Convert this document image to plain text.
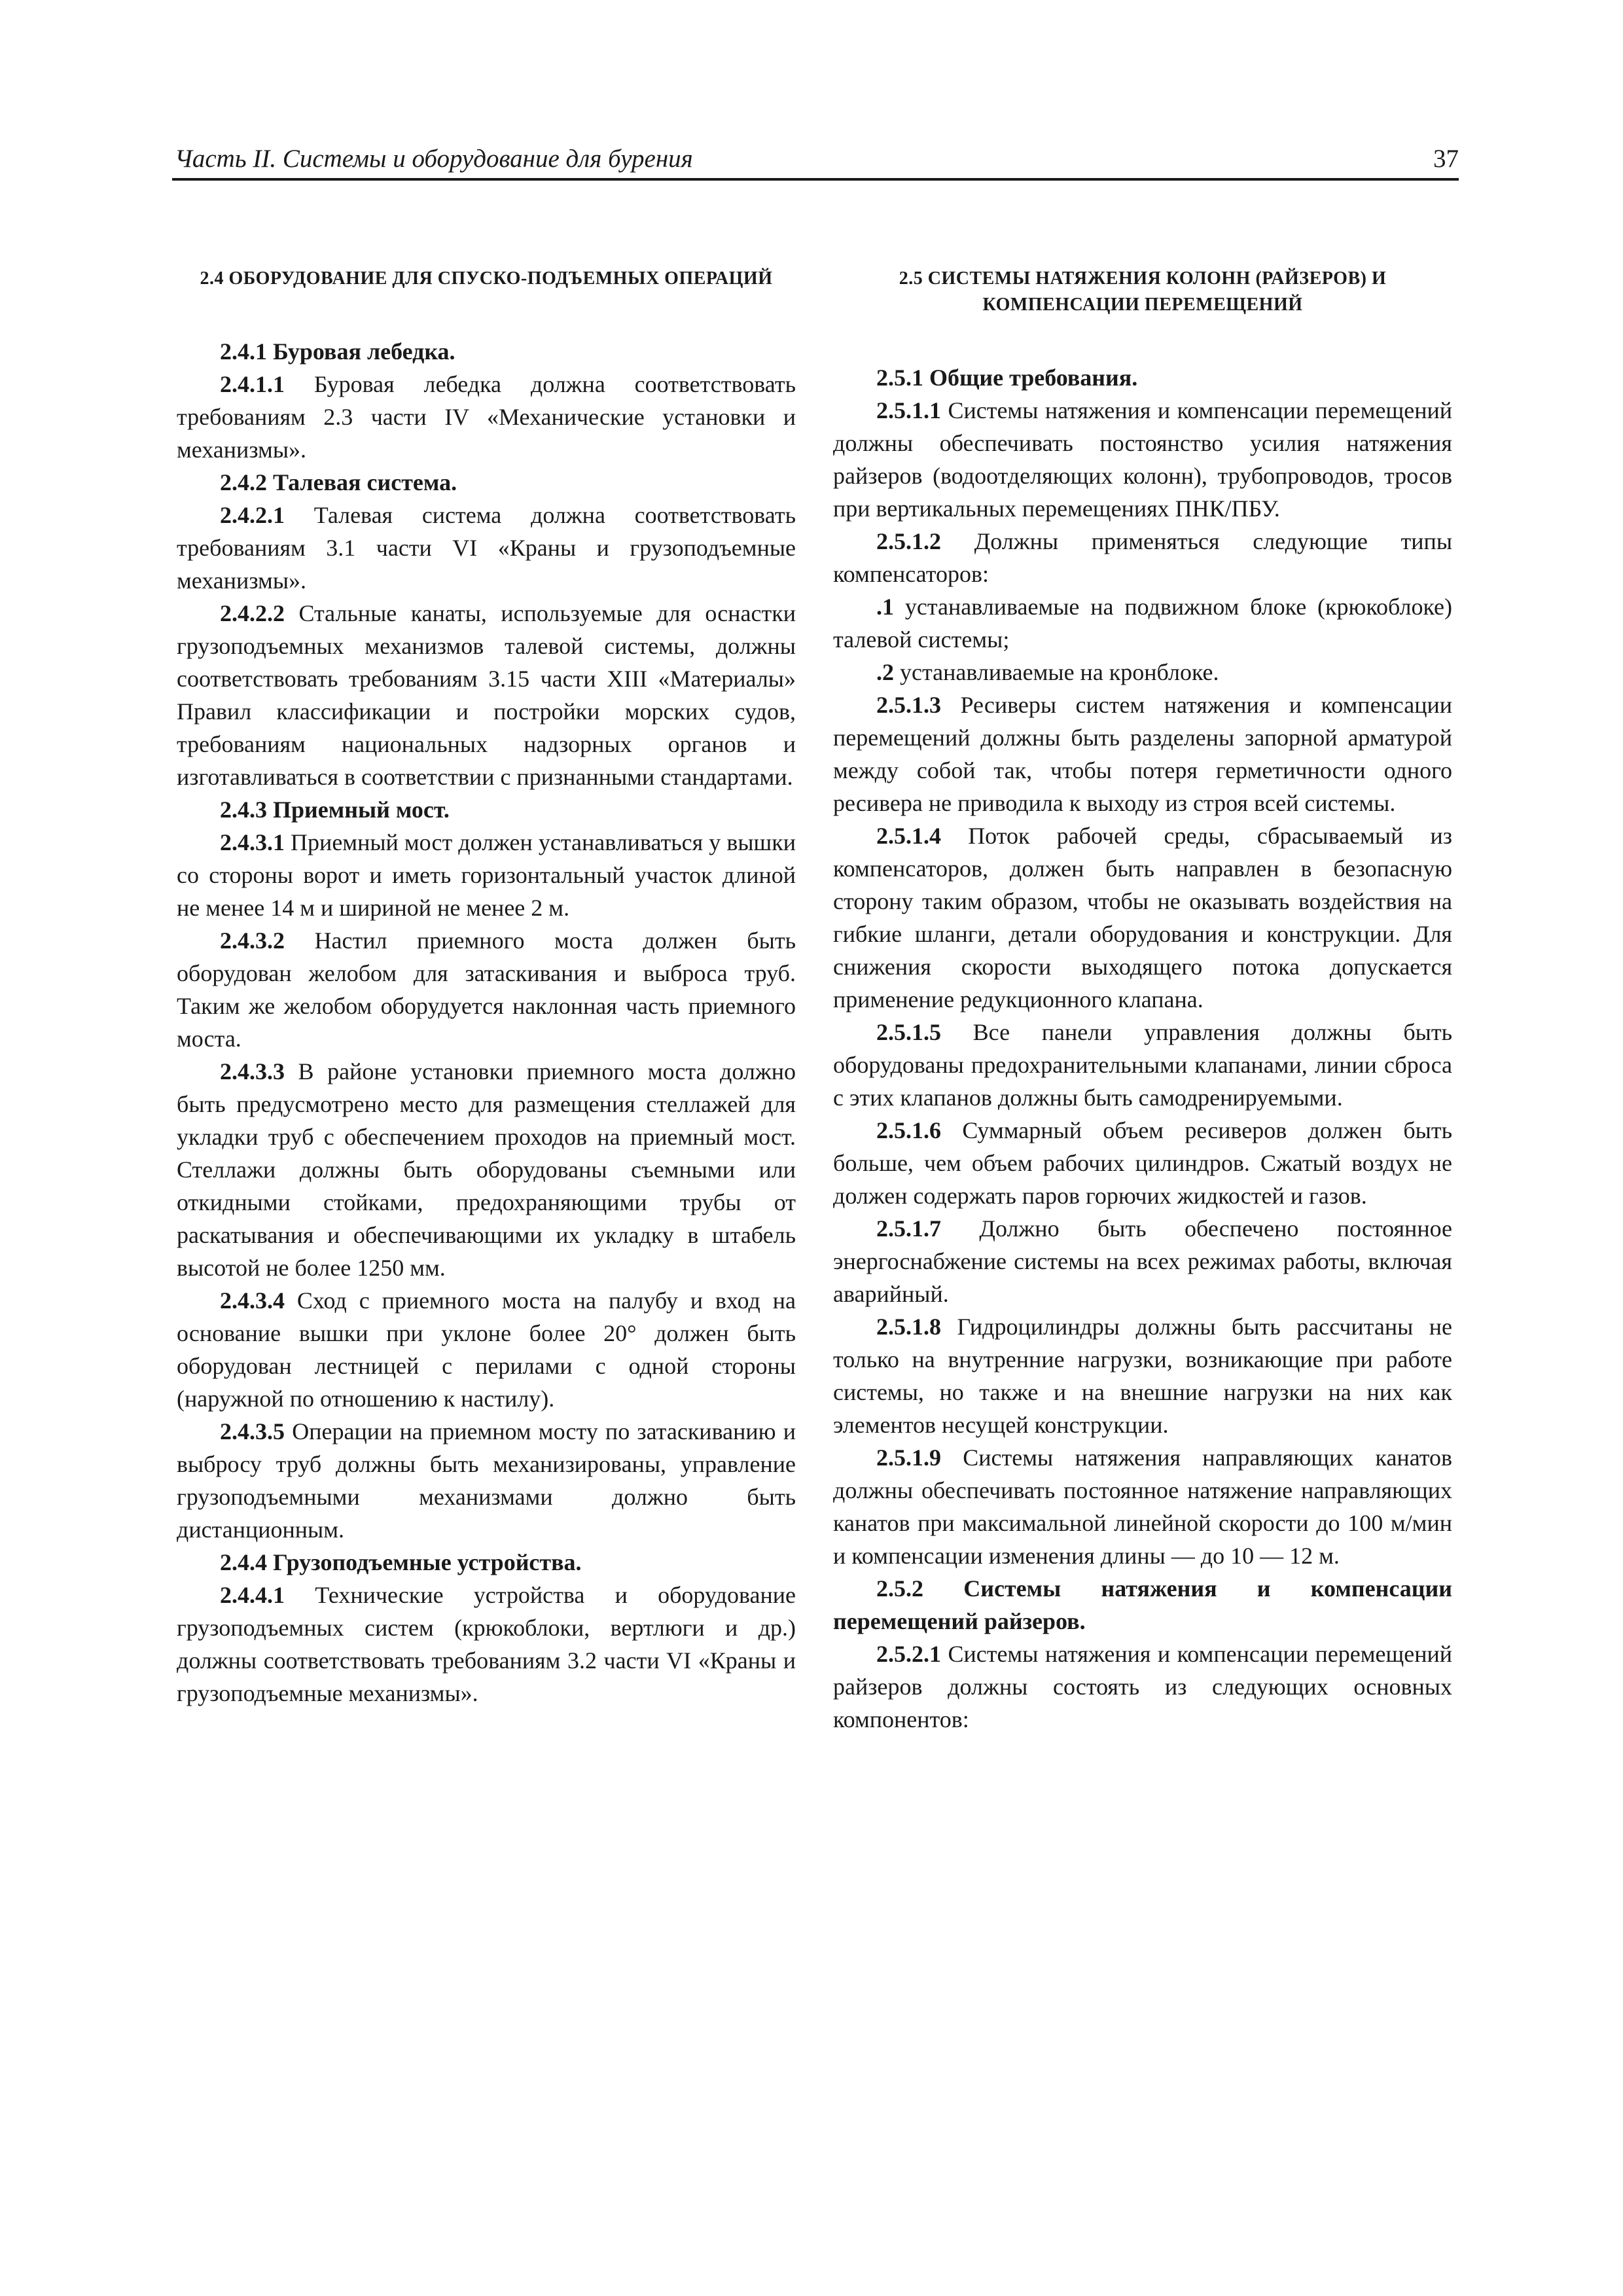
Часть II. Системы и оборудование для бурения	37
2.4 ОБОРУДОВАНИЕ ДЛЯ СПУСКО-ПОДЪЕМНЫХ ОПЕРАЦИЙ
2.4.1 Буровая лебедка.
2.4.1.1 Буровая лебедка должна соответствовать требованиям 2.3 части IV «Механические установки и механизмы».
2.4.2 Талевая система.
2.4.2.1 Талевая система должна соответствовать требованиям 3.1 части VI «Краны и грузоподъемные механизмы».
2.4.2.2 Стальные канаты, используемые для оснастки грузоподъемных механизмов талевой системы, должны соответствовать требованиям 3.15 части XIII «Материалы» Правил классификации и постройки морских судов, требованиям национальных надзорных органов и изготавливаться в соответствии с признанными стандартами.
2.4.3 Приемный мост.
2.4.3.1 Приемный мост должен устанавливаться у вышки со стороны ворот и иметь горизонтальный участок длиной не менее 14 м и шириной не менее 2 м.
2.4.3.2 Настил приемного моста должен быть оборудован желобом для затаскивания и выброса труб. Таким же желобом оборудуется наклонная часть приемного моста.
2.4.3.3 В районе установки приемного моста должно быть предусмотрено место для размещения стеллажей для укладки труб с обеспечением проходов на приемный мост. Стеллажи должны быть оборудованы съемными или откидными стойками, предохраняющими трубы от раскатывания и обеспечивающими их укладку в штабель высотой не более 1250 мм.
2.4.3.4 Сход с приемного моста на палубу и вход на основание вышки при уклоне более 20° должен быть оборудован лестницей с перилами с одной стороны (наружной по отношению к настилу).
2.4.3.5 Операции на приемном мосту по затаскиванию и выбросу труб должны быть механизированы, управление грузоподъемными механизмами должно быть дистанционным.
2.4.4 Грузоподъемные устройства.
2.4.4.1 Технические устройства и оборудование грузоподъемных систем (крюкоблоки, вертлюги и др.) должны соответствовать требованиям 3.2 части VI «Краны и грузоподъемные механизмы».
2.5 СИСТЕМЫ НАТЯЖЕНИЯ КОЛОНН (РАЙЗЕРОВ) И КОМПЕНСАЦИИ ПЕРЕМЕЩЕНИЙ
2.5.1 Общие требования.
2.5.1.1 Системы натяжения и компенсации перемещений должны обеспечивать постоянство усилия натяжения райзеров (водоотделяющих колонн), трубопроводов, тросов при вертикальных перемещениях ПНК/ПБУ.
2.5.1.2 Должны применяться следующие типы компенсаторов:
.1 устанавливаемые на подвижном блоке (крюкоблоке) талевой системы;
.2 устанавливаемые на кронблоке.
2.5.1.3 Ресиверы систем натяжения и компенсации перемещений должны быть разделены запорной арматурой между собой так, чтобы потеря герметичности одного ресивера не приводила к выходу из строя всей системы.
2.5.1.4 Поток рабочей среды, сбрасываемый из компенсаторов, должен быть направлен в безопасную сторону таким образом, чтобы не оказывать воздействия на гибкие шланги, детали оборудования и конструкции. Для снижения скорости выходящего потока допускается применение редукционного клапана.
2.5.1.5 Все панели управления должны быть оборудованы предохранительными клапанами, линии сброса с этих клапанов должны быть самодренируемыми.
2.5.1.6 Суммарный объем ресиверов должен быть больше, чем объем рабочих цилиндров. Сжатый воздух не должен содержать паров горючих жидкостей и газов.
2.5.1.7 Должно быть обеспечено постоянное энергоснабжение системы на всех режимах работы, включая аварийный.
2.5.1.8 Гидроцилиндры должны быть рассчитаны не только на внутренние нагрузки, возникающие при работе системы, но также и на внешние нагрузки на них как элементов несущей конструкции.
2.5.1.9 Системы натяжения направляющих канатов должны обеспечивать постоянное натяжение направляющих канатов при максимальной линейной скорости до 100 м/мин и компенсации изменения длины — до 10 — 12 м.
2.5.2 Системы натяжения и компенсации перемещений райзеров.
2.5.2.1 Системы натяжения и компенсации перемещений райзеров должны состоять из следующих основных компонентов:
